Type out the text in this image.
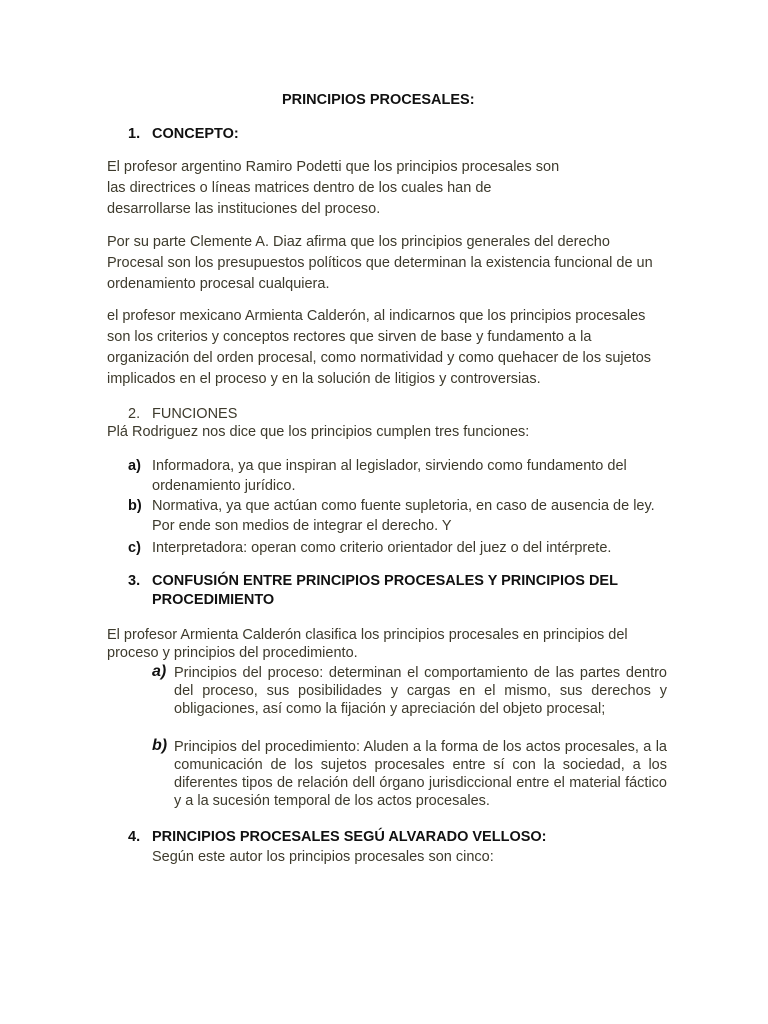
PRINCIPIOS PROCESALES:
1. CONCEPTO:
El profesor argentino Ramiro Podetti que los principios procesales son las directrices o líneas matrices dentro de los cuales han de desarrollarse las instituciones del proceso.
Por su parte Clemente A. Diaz afirma que los principios generales del derecho Procesal son los presupuestos políticos que determinan la existencia funcional de un ordenamiento procesal cualquiera.
el profesor mexicano Armienta Calderón, al indicarnos que los principios procesales son los criterios y conceptos rectores que sirven de base y fundamento a la organización del orden procesal, como normatividad y como quehacer de los sujetos implicados en el proceso y en la solución de litigios y controversias.
2. FUNCIONES
Plá Rodriguez nos dice que los principios cumplen tres funciones:
a) Informadora, ya que inspiran al legislador, sirviendo como fundamento del ordenamiento jurídico.
b) Normativa, ya que actúan como fuente supletoria, en caso de ausencia de ley. Por ende son medios de integrar el derecho. Y
c) Interpretadora: operan como criterio orientador del juez o del intérprete.
3. CONFUSIÓN ENTRE PRINCIPIOS PROCESALES Y PRINCIPIOS DEL
PROCEDIMIENTO
El profesor Armienta Calderón clasifica los principios procesales en principios del proceso y principios del procedimiento.
a) Principios del proceso: determinan el comportamiento de las partes dentro del proceso, sus posibilidades y cargas en el mismo, sus derechos y obligaciones, así como la fijación y apreciación del objeto procesal;
b) Principios del procedimiento: Aluden a la forma de los actos procesales, a la comunicación de los sujetos procesales entre sí con la sociedad, a los diferentes tipos de relación dell órgano jurisdiccional entre el material fáctico y a la sucesión temporal de los actos procesales.
4. PRINCIPIOS PROCESALES SEGÚ ALVARADO VELLOSO:
Según este autor los principios procesales son cinco:
